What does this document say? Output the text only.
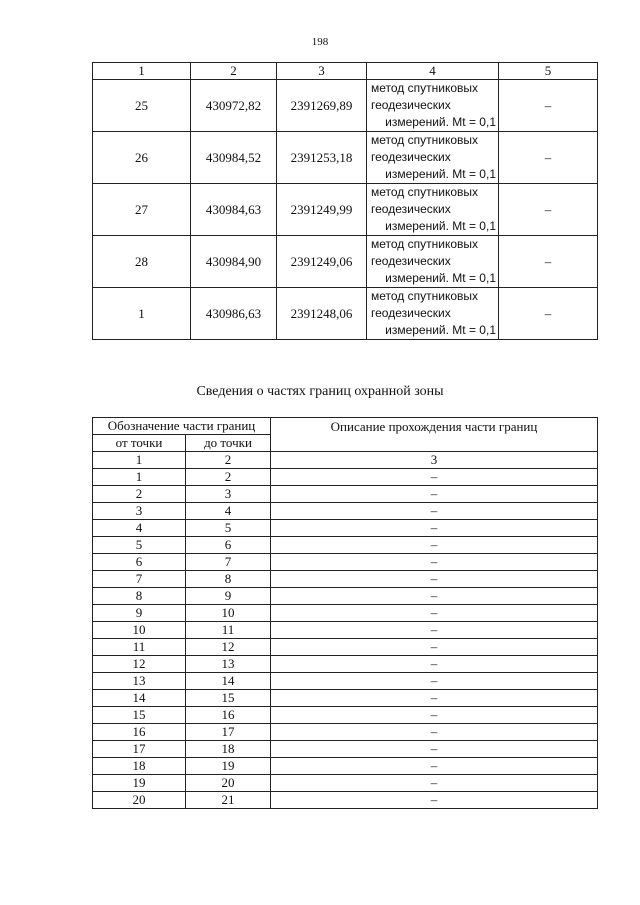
198
1	2	3	4	5
25	430972,82	2391269,89	метод спутниковых
геодезических
измерений. Mt = 0,1	–
26	430984,52	2391253,18	метод спутниковых
геодезических
измерений. Mt = 0,1	–
27	430984,63	2391249,99	метод спутниковых
геодезических
измерений. Mt = 0,1	–
28	430984,90	2391249,06	метод спутниковых
геодезических
измерений. Mt = 0,1	–
1	430986,63	2391248,06	метод спутниковых
геодезических
измерений. Mt = 0,1	–
Сведения о частях границ охранной зоны
Обозначение части границ		Описание прохождения части границ
от точки	до точки	
1	2	3
1	2	–
2	3	–
3	4	–
4	5	–
5	6	–
6	7	–
7	8	–
8	9	–
9	10	–
10	11	–
11	12	–
12	13	–
13	14	–
14	15	–
15	16	–
16	17	–
17	18	–
18	19	–
19	20	–
20	21	–
